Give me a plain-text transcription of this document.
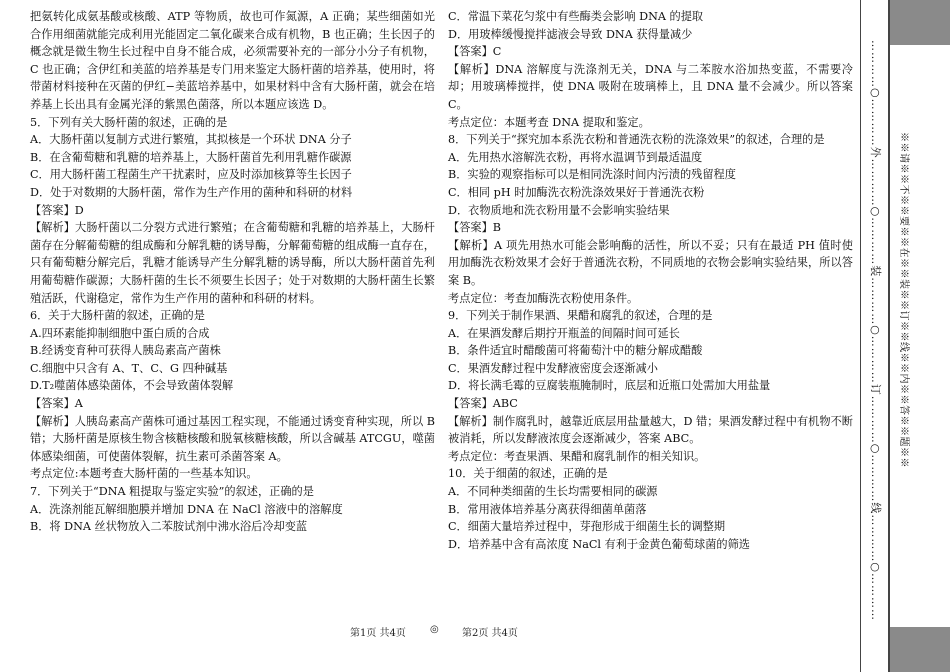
把氨转化成氨基酸或核酸、ATP 等物质，故也可作氮源，A 正确；某些细菌如光合作用细菌就能完成利用光能固定二氧化碳来合成有机物，B 也正确；生长因子的概念就是微生物生长过程中自身不能合成，必须需要补充的一部分小分子有机物，C 也正确；含伊红和美蓝的培养基是专门用来鉴定大肠杆菌的培养基，使用时，将带菌材料接种在灭菌的伊红−美蓝培养基中，如果材料中含有大肠杆菌，就会在培养基上长出具有金属光泽的紫黑色菌落，所以本题应该选 D。

5．下列有关大肠杆菌的叙述，正确的是

A．大肠杆菌以复制方式进行繁殖，其拟核是一个环状 DNA 分子

B．在含葡萄糖和乳糖的培养基上，大肠杆菌首先利用乳糖作碳源

C．用大肠杆菌工程菌生产干扰素时，应及时添加核算等生长因子

D．处于对数期的大肠杆菌，常作为生产作用的菌种和科研的材料

【答案】D

【解析】大肠杆菌以二分裂方式进行繁殖；在含葡萄糖和乳糖的培养基上，大肠杆菌存在分解葡萄糖的组成酶和分解乳糖的诱导酶，分解葡萄糖的组成酶一直存在，只有葡萄糖分解完后，乳糖才能诱导产生分解乳糖的诱导酶，所以大肠杆菌首先利用葡萄糖作碳源；大肠杆菌的生长不须要生长因子；处于对数期的大肠杆菌生长繁殖活跃，代谢稳定，常作为生产作用的菌种和科研的材料。

6．关于大肠杆菌的叙述，正确的是

A.四环素能抑制细胞中蛋白质的合成

B.经诱变育种可获得人胰岛素高产菌株

C.细胞中只含有 A、T、C、G 四种碱基

D.T₂噬菌体感染菌体，不会导致菌体裂解

【答案】A

【解析】人胰岛素高产菌株可通过基因工程实现，不能通过诱变育种实现，所以 B 错；大肠杆菌是原核生物含核糖核酸和脱氧核糖核酸，所以含碱基 ATCGU，噬菌体感染细菌，可使菌体裂解，抗生素可杀菌答案 A。

考点定位:本题考查大肠杆菌的一些基本知识。

7．下列关于“DNA 粗提取与鉴定实验”的叙述，正确的是

A．洗涤剂能瓦解细胞膜并增加 DNA 在 NaCl 溶液中的溶解度

B．将 DNA 丝状物放入二苯胺试剂中沸水浴后冷却变蓝

C．常温下菜花匀浆中有些酶类会影响 DNA 的提取

D．用玻棒缓慢搅拌滤液会导致 DNA 获得量减少

【答案】C

【解析】DNA 溶解度与洗涤剂无关，DNA 与二苯胺水浴加热变蓝，不需要冷却；用玻璃棒搅拌，使 DNA 吸附在玻璃棒上，且 DNA 量不会减少。所以答案 C。

考点定位：本题考查 DNA 提取和鉴定。

8．下列关于“探究加本系洗衣粉和普通洗衣粉的洗涤效果”的叙述，合理的是

A．先用热水溶解洗衣粉，再将水温调节到最适温度

B．实验的观察指标可以是相同洗涤时间内污渍的残留程度

C．相同 pH 时加酶洗衣粉洗涤效果好于普通洗衣粉

D．衣物质地和洗衣粉用量不会影响实验结果

【答案】B

【解析】A 项先用热水可能会影响酶的活性，所以不妥；只有在最适 PH 值时使用加酶洗衣粉效果才会好于普通洗衣粉，不同质地的衣物会影响实验结果，所以答案 B。

考点定位：考查加酶洗衣粉使用条件。

9．下列关于制作果酒、果醋和腐乳的叙述，合理的是

A．在果酒发酵后期拧开瓶盖的间隔时间可延长

B．条件适宜时醋酸菌可将葡萄汁中的糖分解成醋酸

C．果酒发酵过程中发酵液密度会逐渐减小

D．将长满毛霉的豆腐装瓶腌制时，底层和近瓶口处需加大用盐量

【答案】ABC

【解析】制作腐乳时，越靠近底层用盐量越大，D 错；果酒发酵过程中有机物不断被消耗，所以发酵液浓度会逐渐减少，答案 ABC。

考点定位：考查果酒、果醋和腐乳制作的相关知识。

10．关于细菌的叙述，正确的是

A．不同种类细菌的生长均需要相同的碳源

B．常用液体培养基分离获得细菌单菌落

C．细菌大量培养过程中，芽孢形成于细菌生长的调整期

D．培养基中含有高浓度 NaCl 有利于金黄色葡萄球菌的筛选

第1页 共4页 ◎ 第2页 共4页
…………○…………外…………○…………装…………○…………订…………○…………线…………○………… ※※请※※不※※要※※在※※装※※订※※线※※内※※答※※题※※
